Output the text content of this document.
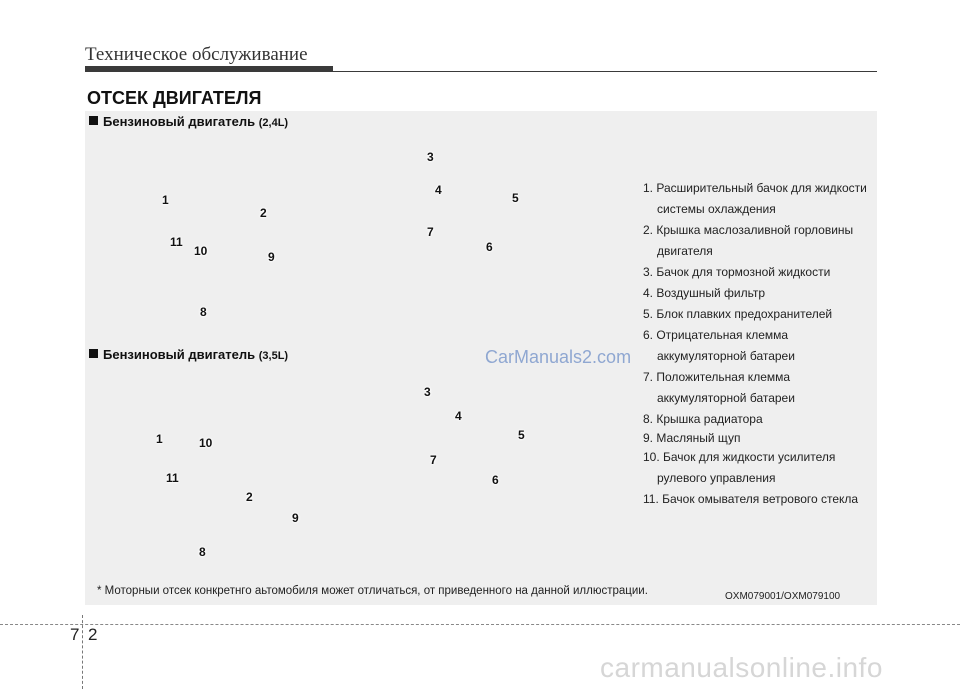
Техническое обслуживание
ОТСЕК ДВИГАТЕЛЯ
Бензиновый двигатель (2,4L)
1
2
3
4
5
6
7
8
9
10
11
Бензиновый двигатель (3,5L)
1
2
3
4
5
6
7
8
9
10
11
1. Расширительный бачок для жидкости
системы охлаждения
2. Крышка маслозаливной горловины
двигателя
3. Бачок для тормозной жидкости
4. Воздушный фильтр
5. Блок плавких предохранителей
6. Отрицательная клемма
аккумуляторной батареи
7. Положительная клемма
аккумуляторной батареи
8. Крышка радиатора
9. Масляный щуп
10. Бачок для жидкости усилителя
рулевого управления
11. Бачок омывателя ветрового стекла
CarManuals2.com
* Моторныи отсек конкретнго аьтомобиля может отличаться, от приведенного на данной иллюстрации.	OXM079001/OXM079100
7 2
carmanualsonline.info
